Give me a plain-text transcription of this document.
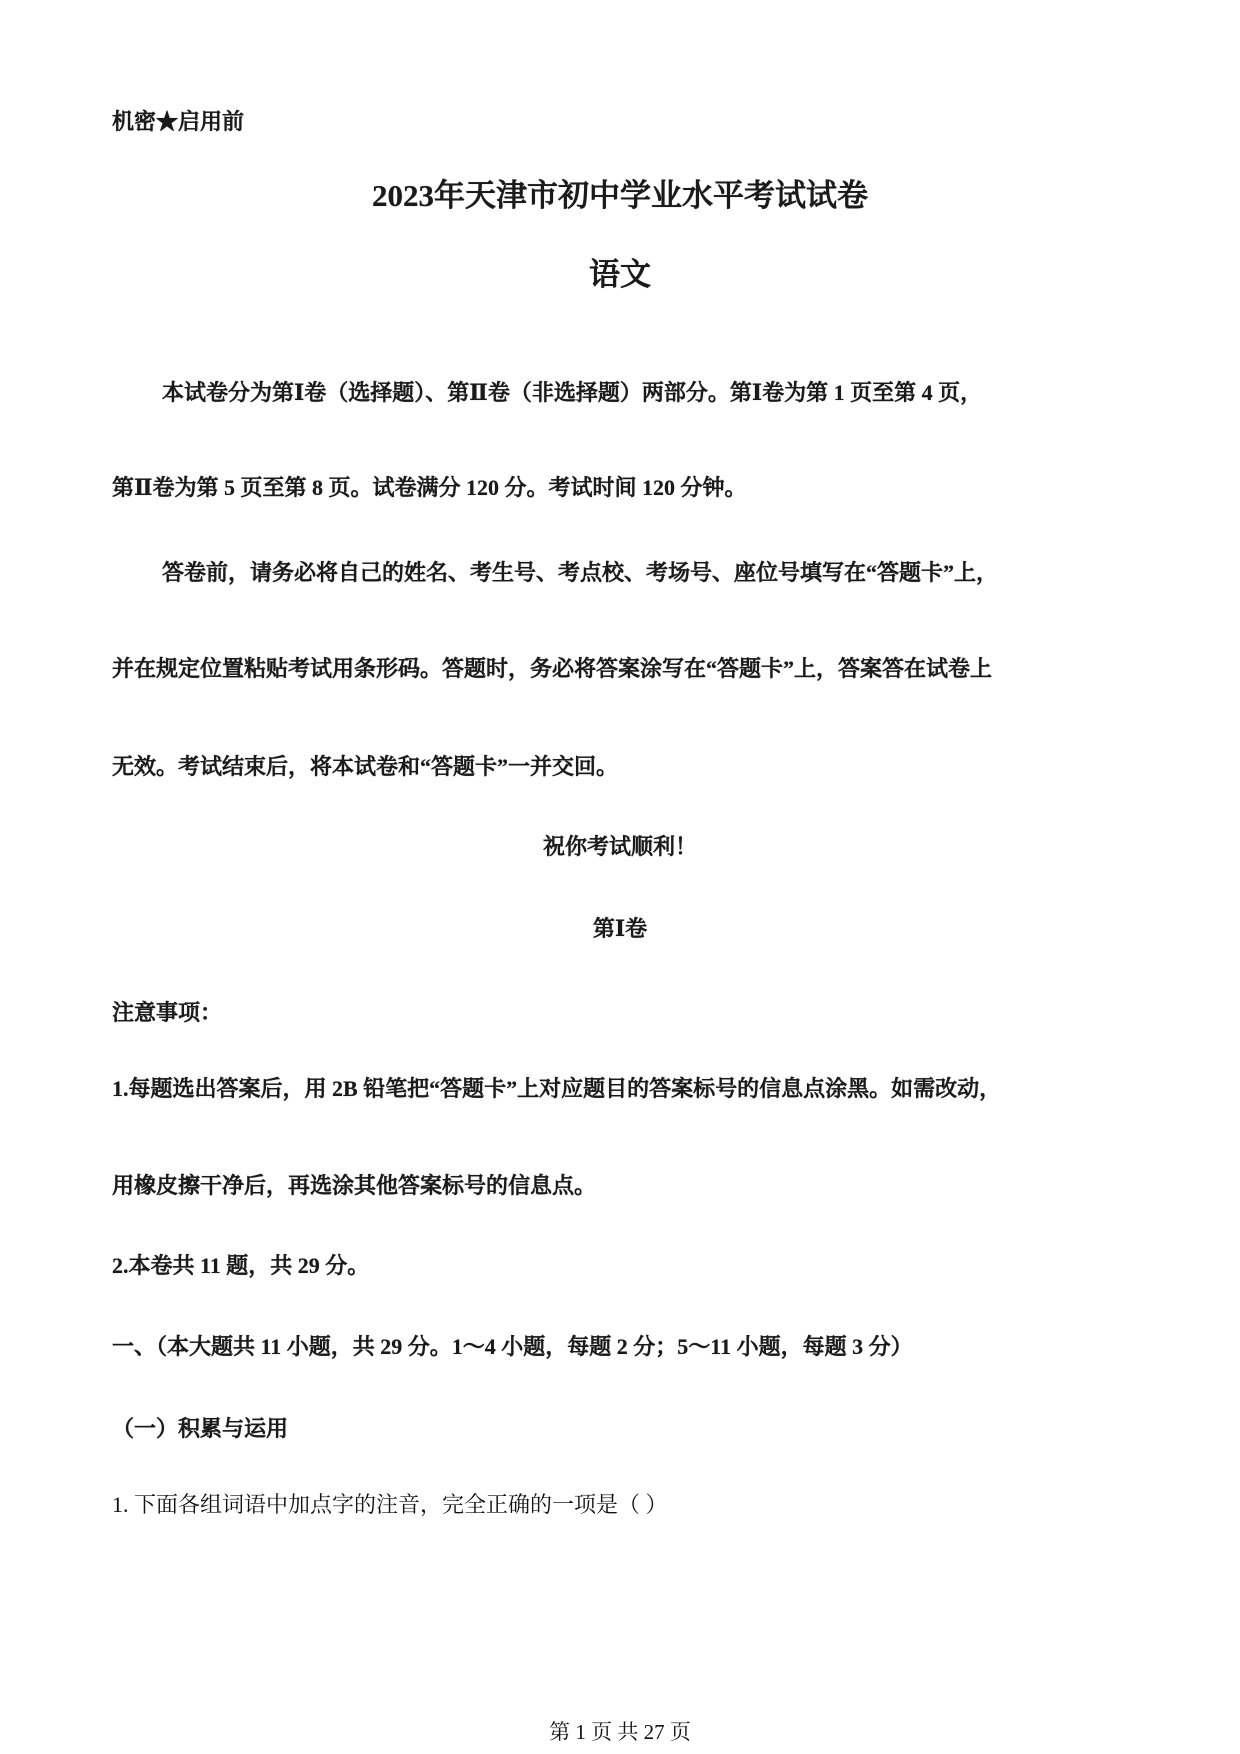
机密★启用前
2023年天津市初中学业水平考试试卷
语文
本试卷分为第Ⅰ卷（选择题）、第Ⅱ卷（非选择题）两部分。第Ⅰ卷为第 1 页至第 4 页，
第Ⅱ卷为第 5 页至第 8 页。试卷满分 120 分。考试时间 120 分钟。
答卷前，请务必将自己的姓名、考生号、考点校、考场号、座位号填写在“答题卡”上，
并在规定位置粘贴考试用条形码。答题时，务必将答案涂写在“答题卡”上，答案答在试卷上
无效。考试结束后，将本试卷和“答题卡”一并交回。
祝你考试顺利！
第Ⅰ卷
注意事项：
1.每题选出答案后，用 2B 铅笔把“答题卡”上对应题目的答案标号的信息点涂黑。如需改动，
用橡皮擦干净后，再选涂其他答案标号的信息点。
2.本卷共 11 题，共 29 分。
一、（本大题共 11 小题，共 29 分。1～4 小题，每题 2 分；5～11 小题，每题 3 分）
（一）积累与运用
1. 下面各组词语中加点字的注音，完全正确的一项是（ ）
第 1 页 共 27 页
